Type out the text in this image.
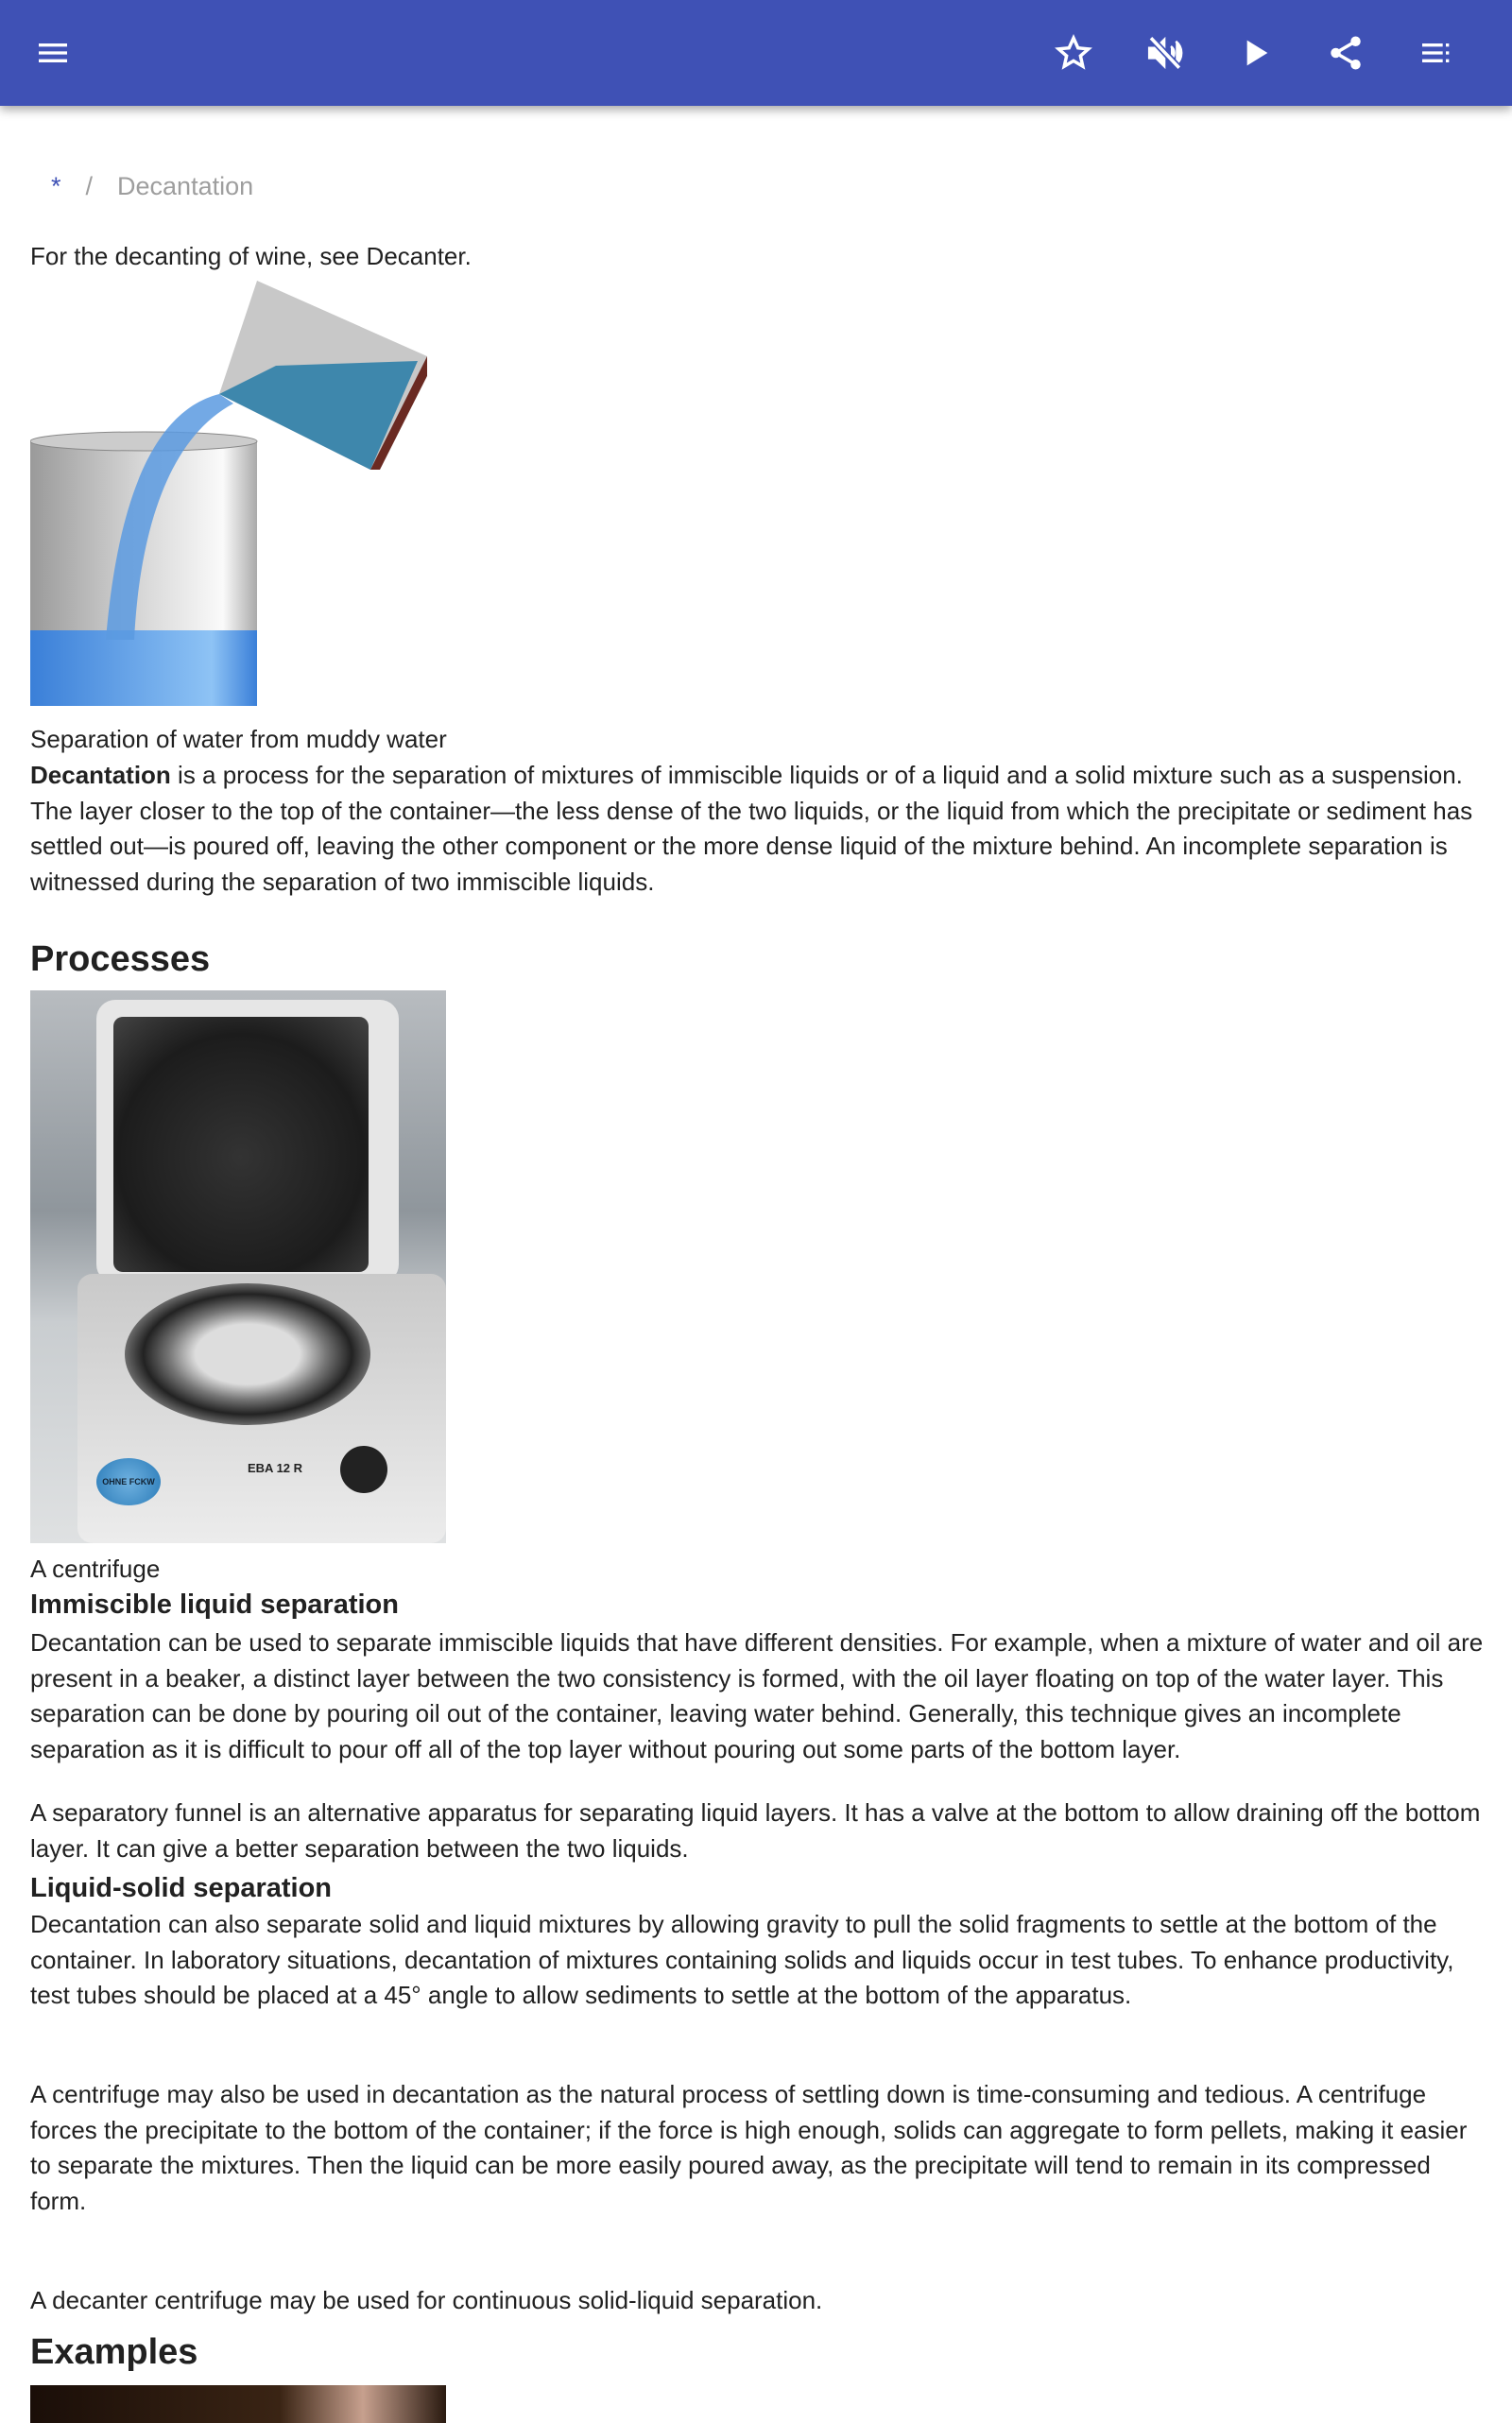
* / Decantation
For the decanting of wine, see Decanter.
Separation of water from muddy water

Decantation is a process for the separation of mixtures of immiscible liquids or of a liquid and a solid mixture such as a suspension. The layer closer to the top of the container—the less dense of the two liquids, or the liquid from which the precipitate or sediment has settled out—is poured off, leaving the other component or the more dense liquid of the mixture behind. An incomplete separation is witnessed during the separation of two immiscible liquids.

Processes
OHNE FCKW
EBA 12 R
A centrifuge
Immiscible liquid separation

Decantation can be used to separate immiscible liquids that have different densities. For example, when a mixture of water and oil are present in a beaker, a distinct layer between the two consistency is formed, with the oil layer floating on top of the water layer. This separation can be done by pouring oil out of the container, leaving water behind. Generally, this technique gives an incomplete separation as it is difficult to pour off all of the top layer without pouring out some parts of the bottom layer.

A separatory funnel is an alternative apparatus for separating liquid layers. It has a valve at the bottom to allow draining off the bottom layer. It can give a better separation between the two liquids.

Liquid-solid separation

Decantation can also separate solid and liquid mixtures by allowing gravity to pull the solid fragments to settle at the bottom of the container. In laboratory situations, decantation of mixtures containing solids and liquids occur in test tubes. To enhance productivity, test tubes should be placed at a 45° angle to allow sediments to settle at the bottom of the apparatus.

A centrifuge may also be used in decantation as the natural process of settling down is time-consuming and tedious. A centrifuge forces the precipitate to the bottom of the container; if the force is high enough, solids can aggregate to form pellets, making it easier to separate the mixtures. Then the liquid can be more easily poured away, as the precipitate will tend to remain in its compressed form.

A decanter centrifuge may be used for continuous solid-liquid separation.

Examples
